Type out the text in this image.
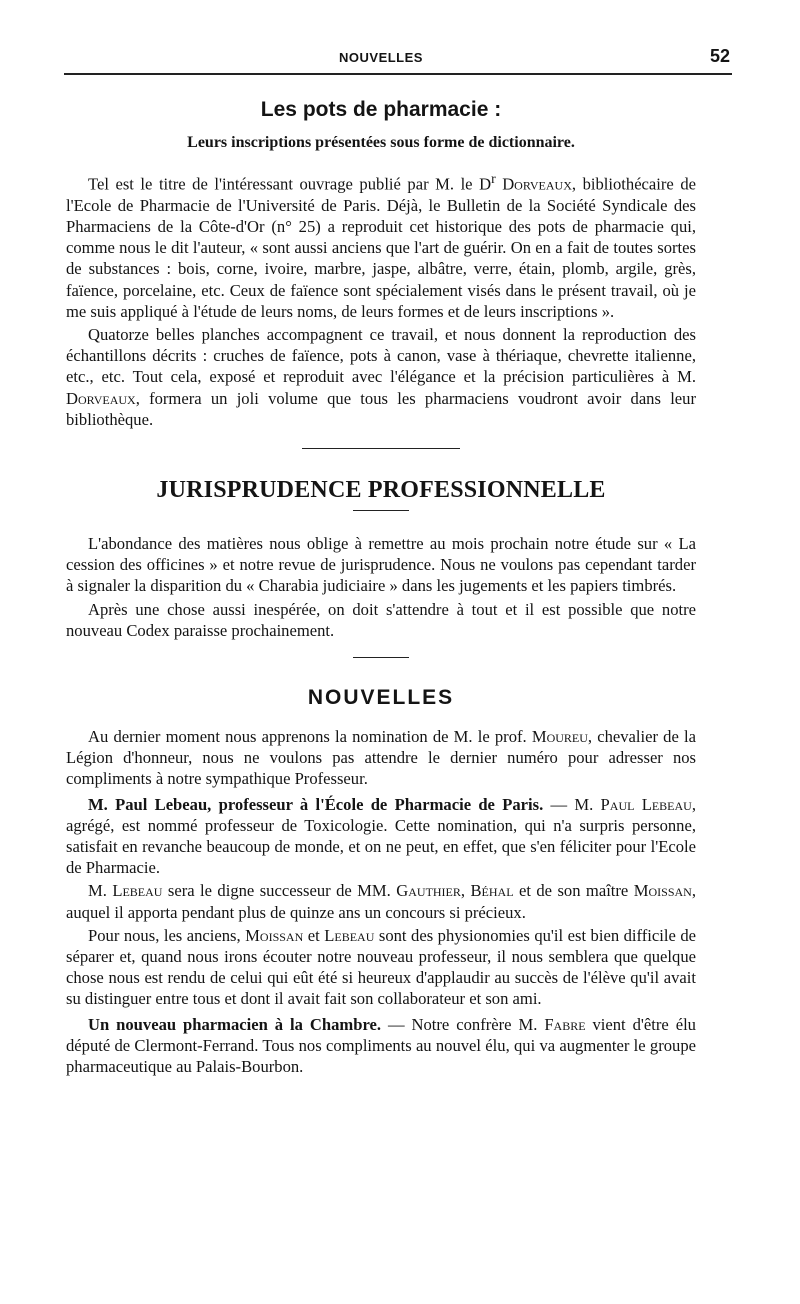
NOUVELLES	52
Les pots de pharmacie :
Leurs inscriptions présentées sous forme de dictionnaire.

Tel est le titre de l'intéressant ouvrage publié par M. le $D^r$ Dorveaux, bibliothécaire de l'Ecole de Pharmacie de l'Université de Paris. Déjà, le Bulletin de la Société Syndicale des Pharmaciens de la Côte-d'Or (n° 25) a reproduit cet historique des pots de pharmacie qui, comme nous le dit l'auteur, « sont aussi anciens que l'art de guérir. On en a fait de toutes sortes de substances : bois, corne, ivoire, marbre, jaspe, albâtre, verre, étain, plomb, argile, grès, faïence, porcelaine, etc. Ceux de faïence sont spécialement visés dans le présent travail, où je me suis appliqué à l'étude de leurs noms, de leurs formes et de leurs inscriptions ».

Quatorze belles planches accompagnent ce travail, et nous donnent la reproduction des échantillons décrits : cruches de faïence, pots à canon, vase à thériaque, chevrette italienne, etc., etc. Tout cela, exposé et reproduit avec l'élégance et la précision particulières à M. Dorveaux, formera un joli volume que tous les pharmaciens voudront avoir dans leur bibliothèque.

JURISPRUDENCE PROFESSIONNELLE

L'abondance des matières nous oblige à remettre au mois prochain notre étude sur « La cession des officines » et notre revue de jurisprudence. Nous ne voulons pas cependant tarder à signaler la disparition du « Charabia judiciaire » dans les jugements et les papiers timbrés.

Après une chose aussi inespérée, on doit s'attendre à tout et il est possible que notre nouveau Codex paraisse prochainement.

NOUVELLES

Au dernier moment nous apprenons la nomination de M. le prof. Moureu, chevalier de la Légion d'honneur, nous ne voulons pas attendre le dernier numéro pour adresser nos compliments à notre sympathique Professeur.

M. Paul Lebeau, professeur à l'École de Pharmacie de Paris. — M. Paul Lebeau, agrégé, est nommé professeur de Toxicologie. Cette nomination, qui n'a surpris personne, satisfait en revanche beaucoup de monde, et on ne peut, en effet, que s'en féliciter pour l'Ecole de Pharmacie.

M. Lebeau sera le digne successeur de MM. Gauthier, Béhal et de son maître Moissan, auquel il apporta pendant plus de quinze ans un concours si précieux.

Pour nous, les anciens, Moissan et Lebeau sont des physionomies qu'il est bien difficile de séparer et, quand nous irons écouter notre nouveau professeur, il nous semblera que quelque chose nous est rendu de celui qui eût été si heureux d'applaudir au succès de l'élève qu'il avait su distinguer entre tous et dont il avait fait son collaborateur et son ami.

Un nouveau pharmacien à la Chambre. — Notre confrère M. Fabre vient d'être élu député de Clermont-Ferrand. Tous nos compliments au nouvel élu, qui va augmenter le groupe pharmaceutique au Palais-Bourbon.
